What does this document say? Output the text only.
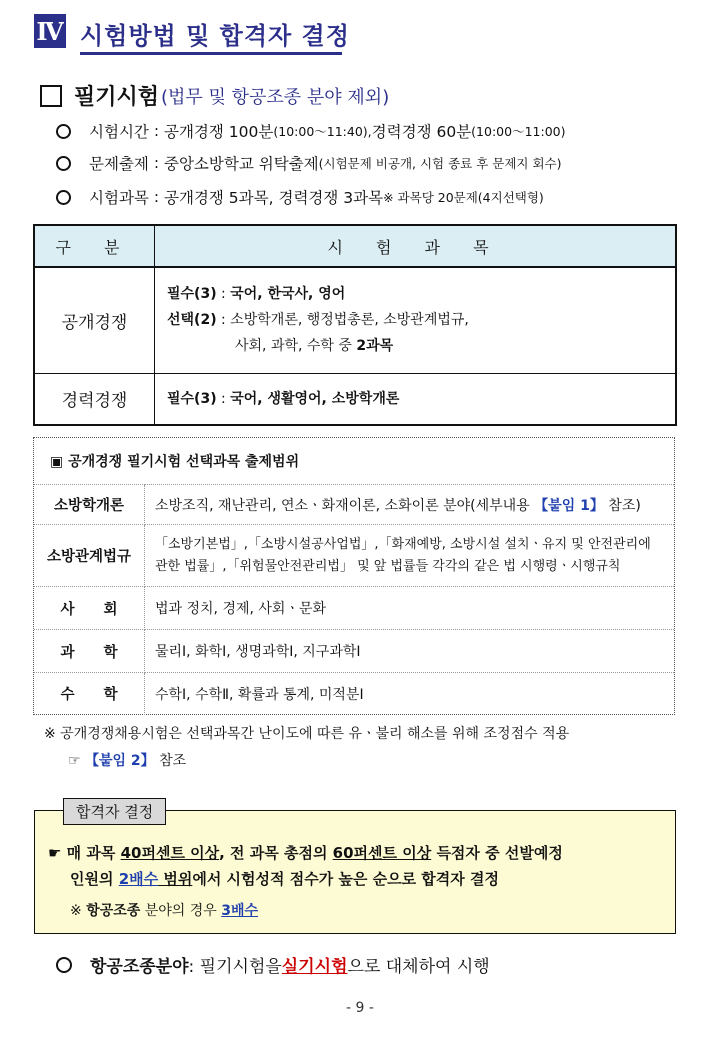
Ⅳ 시험방법 및 합격자 결정
필기시험 (법무 및 항공조종 분야 제외)
시험시간 : 공개경쟁 100분 (10:00～11:40), 경력경쟁 60분 (10:00～11:00)
문제출제 : 중앙소방학교 위탁출제 (시험문제 비공개, 시험 종료 후 문제지 회수)
시험과목 : 공개경쟁 5과목, 경력경쟁 3과목 ※ 과목당 20문제(4지선택형)
구 분	시 험 과 목
공개경쟁	필수(3) : 국어, 한국사, 영어
선택(2) : 소방학개론, 행정법총론, 소방관계법규,
사회, 과학, 수학 중 2과목

경력경쟁	필수(3) : 국어, 생활영어, 소방학개론
▣ 공개경쟁 필기시험 선택과목 출제범위	
소방학개론	소방조직, 재난관리, 연소ㆍ화재이론, 소화이론 분야(세부내용 【붙임 1】 참조)
소방관계법규	「소방기본법」,「소방시설공사업법」,「화재예방, 소방시설 설치ㆍ유지 및 안전관리에
관한 법률」,「위험물안전관리법」 및 앞 법률들 각각의 같은 법 시행령ㆍ시행규칙

사　　회	법과 정치, 경제, 사회ㆍ문화
과　　학	물리Ⅰ, 화학Ⅰ, 생명과학Ⅰ, 지구과학Ⅰ
수　　학	수학Ⅰ, 수학Ⅱ, 확률과 통계, 미적분Ⅰ
※ 공개경쟁채용시험은 선택과목간 난이도에 따른 유ㆍ불리 해소를 위해 조정점수 적용
☞ 【붙임 2】 참조
합격자 결정
☛ 매 과목 40퍼센트 이상, 전 과목 총점의 60퍼센트 이상 득점자 중 선발예정
인원의 2배수 범위에서 시험성적 점수가 높은 순으로 합격자 결정
※ 항공조종 분야의 경우 3배수
항공조종분야 : 필기시험을 실기시험 으로 대체하여 시행
- 9 -
